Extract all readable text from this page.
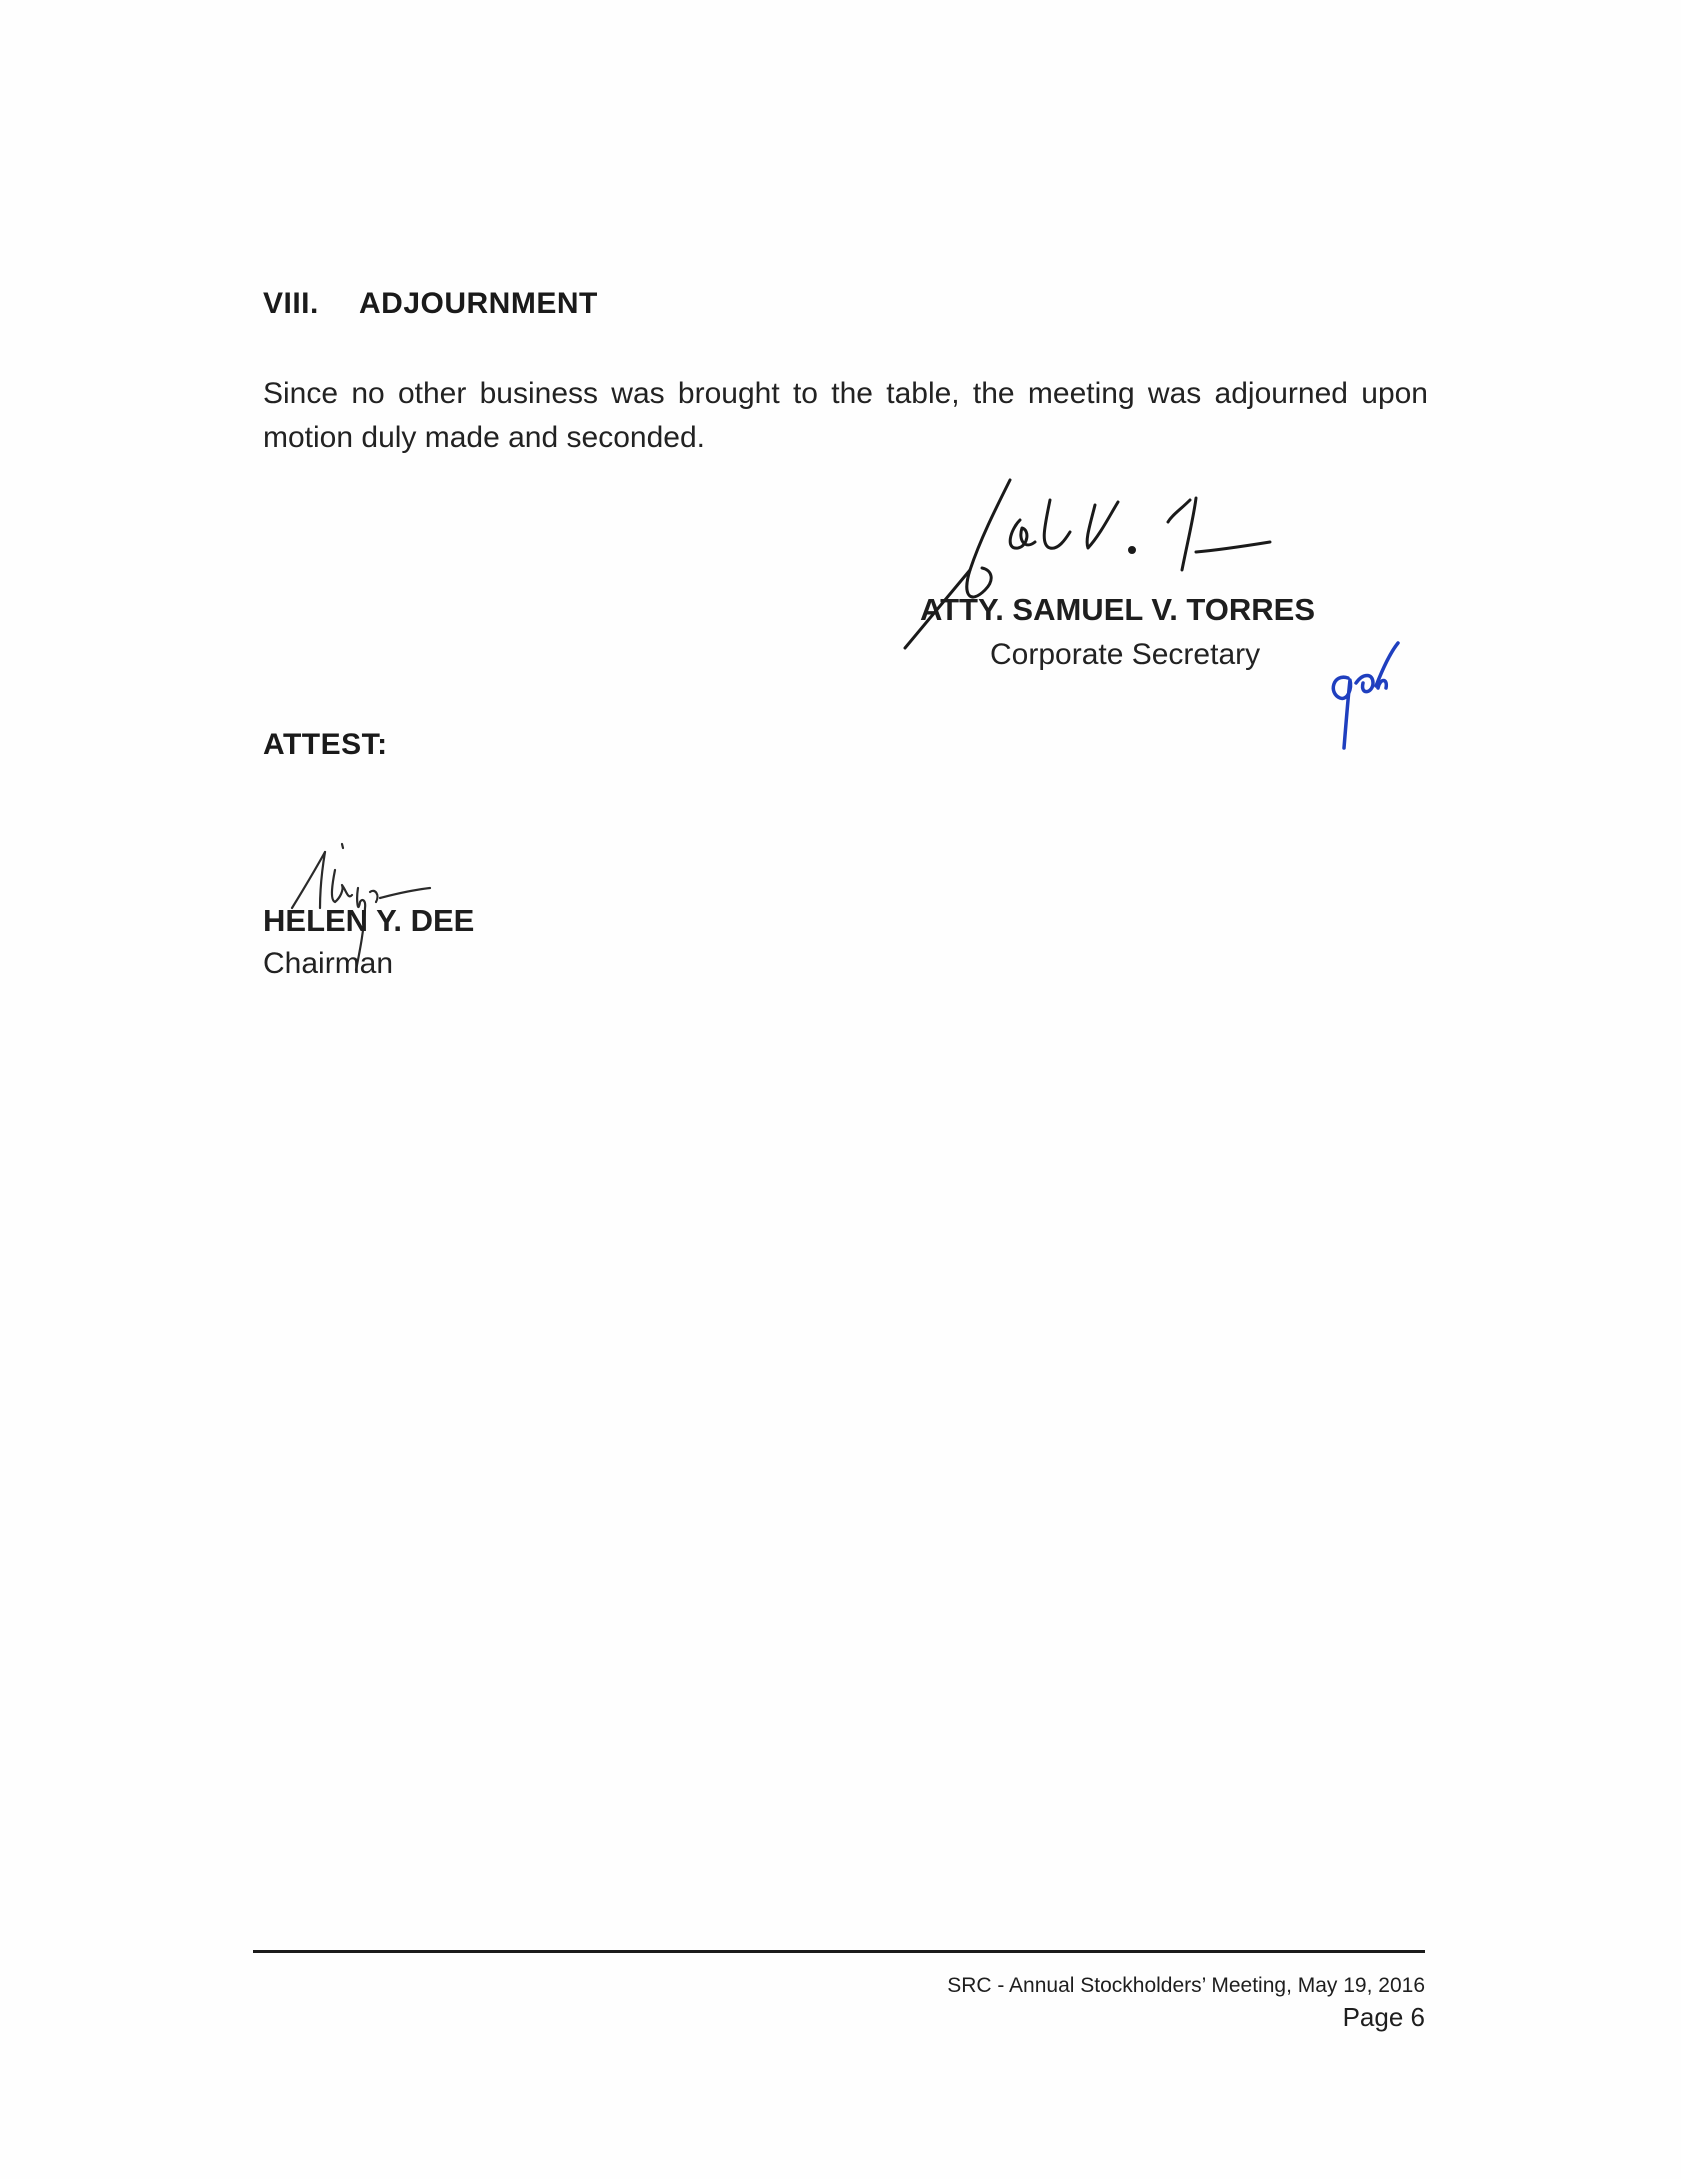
VIII. ADJOURNMENT
Since no other business was brought to the table, the meeting was adjourned upon motion duly made and seconded.
ATTY. SAMUEL V. TORRES
Corporate Secretary
ATTEST:
HELEN Y. DEE
Chairman
SRC - Annual Stockholders’ Meeting, May 19, 2016
Page 6
